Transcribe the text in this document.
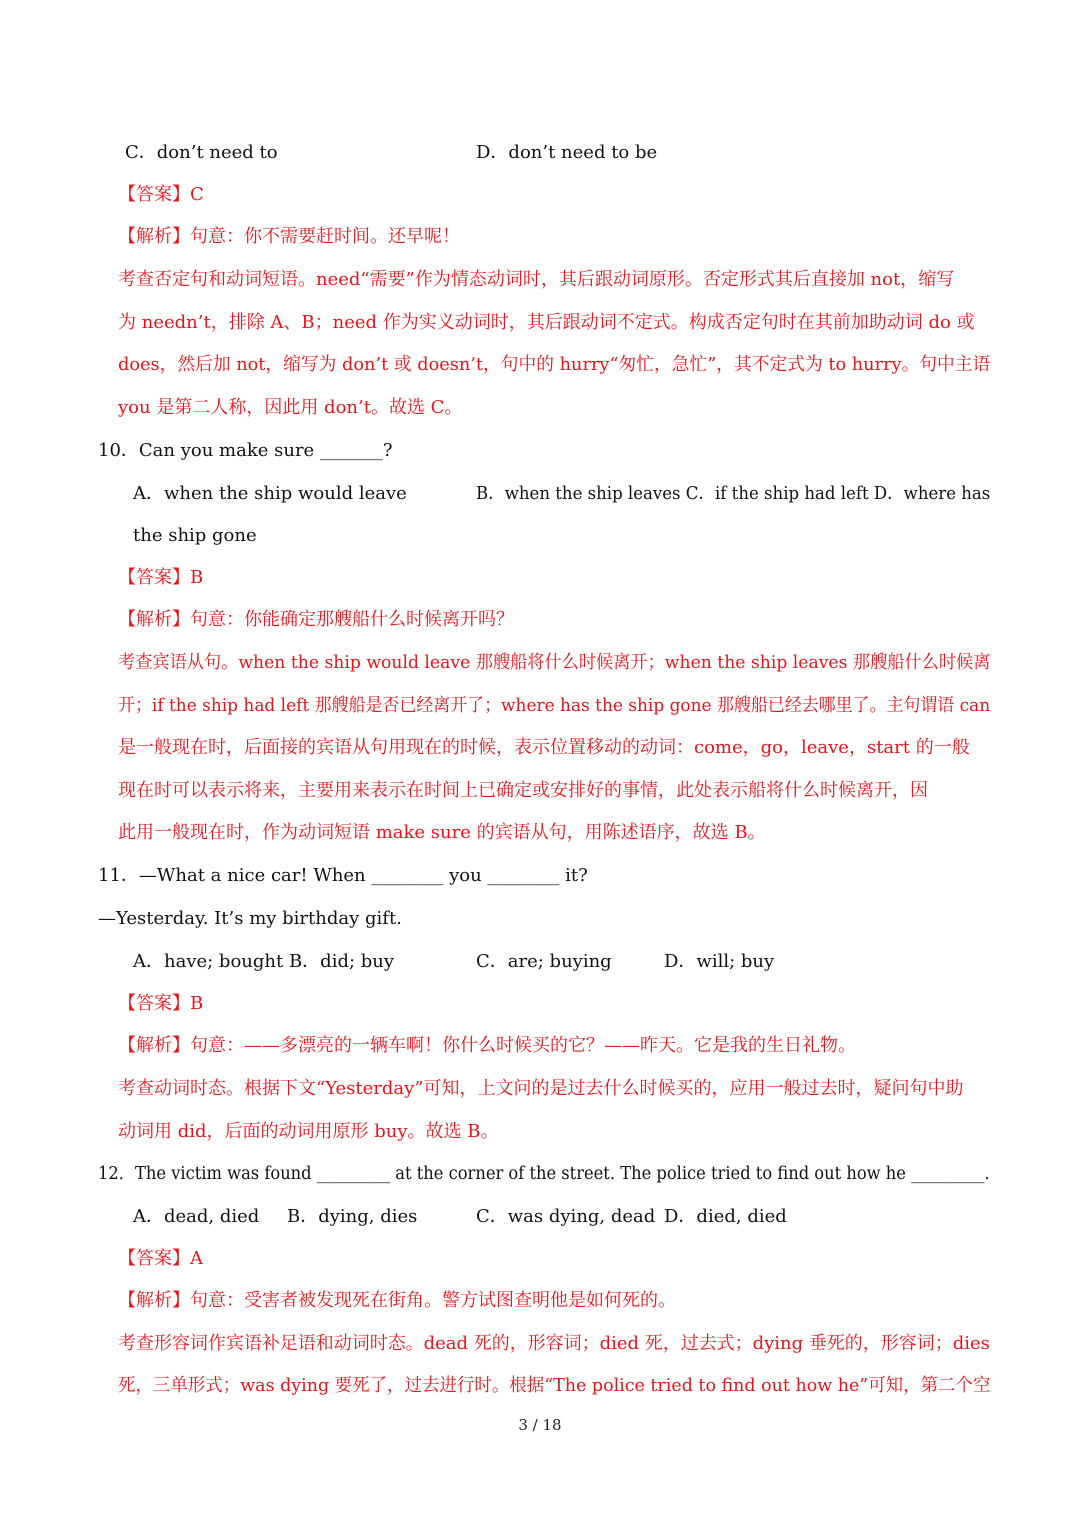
C．don’t need to	D．don’t need to be
【答案】C
【解析】句意：你不需要赶时间。还早呢！
考查否定句和动词短语。need“需要”作为情态动词时，其后跟动词原形。否定形式其后直接加 not，缩写
为 needn’t，排除 A、B；need 作为实义动词时，其后跟动词不定式。构成否定句时在其前加助动词 do 或
does，然后加 not，缩写为 don’t 或 doesn’t，句中的 hurry“匆忙，急忙”，其不定式为 to hurry。句中主语
you 是第二人称，因此用 don’t。故选 C。
10．Can you make sure _______?
A．when the ship would leave	B．when the ship leaves C．if the ship had left D．where has
the ship gone
【答案】B
【解析】句意：你能确定那艘船什么时候离开吗？
考查宾语从句。when the ship would leave 那艘船将什么时候离开；when the ship leaves 那艘船什么时候离
开；if the ship had left 那艘船是否已经离开了；where has the ship gone 那艘船已经去哪里了。主句谓语 can
是一般现在时，后面接的宾语从句用现在的时候，表示位置移动的动词：come，go，leave，start 的一般
现在时可以表示将来，主要用来表示在时间上已确定或安排好的事情，此处表示船将什么时候离开，因
此用一般现在时，作为动词短语 make sure 的宾语从句，用陈述语序，故选 B。
11．—What a nice car! When ________ you ________ it?
—Yesterday. It’s my birthday gift.
A．have; bought B．did; buy	C．are; buying	D．will; buy
【答案】B
【解析】句意：——多漂亮的一辆车啊！你什么时候买的它？——昨天。它是我的生日礼物。
考查动词时态。根据下文“Yesterday”可知，上文问的是过去什么时候买的，应用一般过去时，疑问句中助
动词用 did，后面的动词用原形 buy。故选 B。
12．The victim was found _________ at the corner of the street. The police tried to find out how he _________.
A．dead, died B．dying, dies	C．was dying, dead D．died, died
【答案】A
【解析】句意：受害者被发现死在街角。警方试图查明他是如何死的。
考查形容词作宾语补足语和动词时态。dead 死的，形容词；died 死，过去式；dying 垂死的，形容词；dies
死，三单形式；was dying 要死了，过去进行时。根据“The police tried to find out how he”可知，第二个空
3 / 18
